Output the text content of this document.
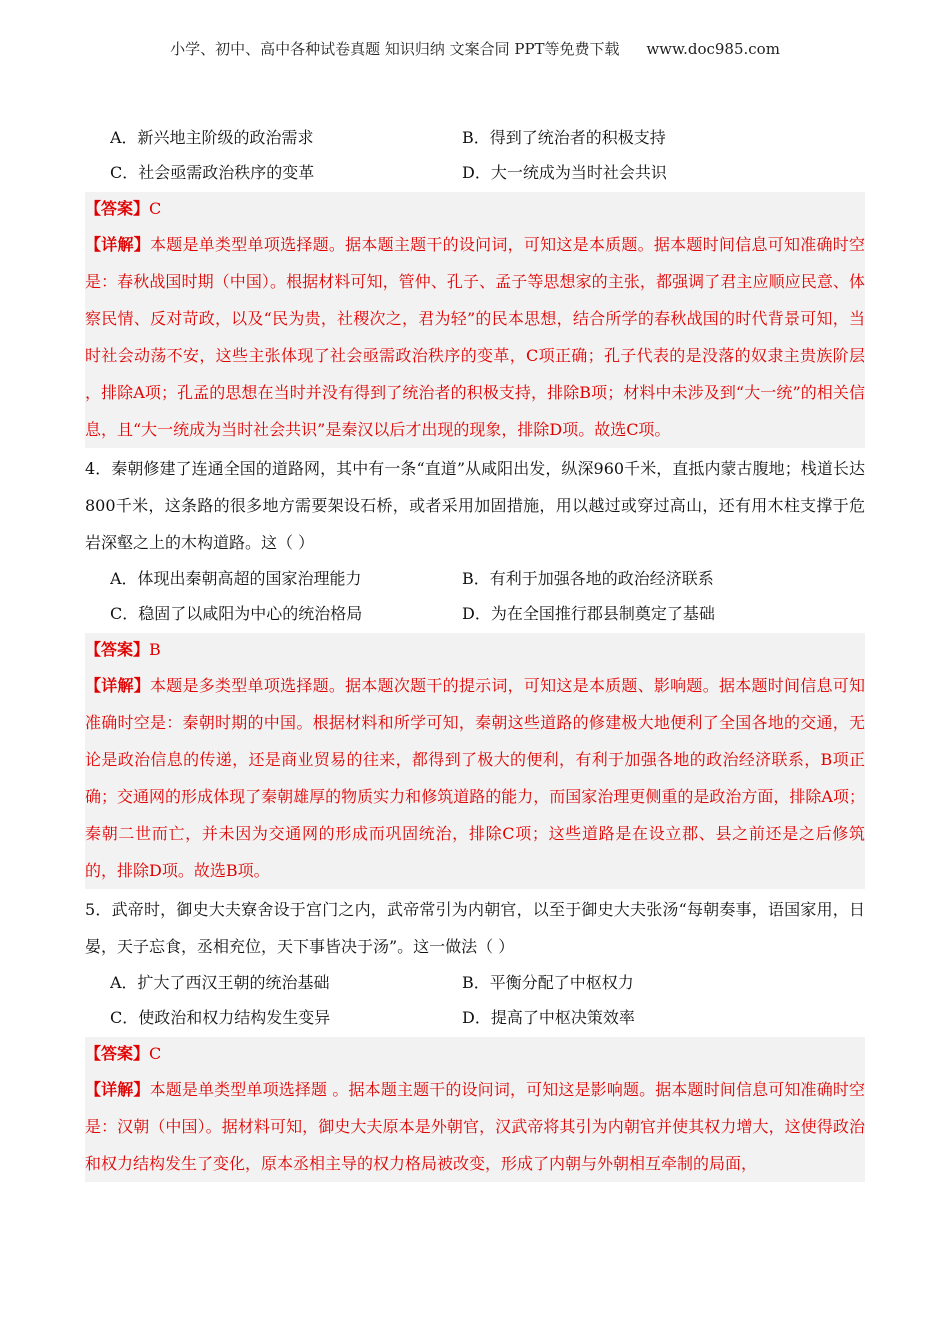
小学、初中、高中各种试卷真题 知识归纳 文案合同 PPT等免费下载 www.doc985.com
A．新兴地主阶级的政治需求	B．得到了统治者的积极支持
C．社会亟需政治秩序的变革	D．大一统成为当时社会共识
【答案】C
【详解】本题是单类型单项选择题。据本题主题干的设问词，可知这是本质题。据本题时间信息可知准确时空是：春秋战国时期（中国）。根据材料可知，管仲、孔子、孟子等思想家的主张，都强调了君主应顺应民意、体察民情、反对苛政，以及“民为贵，社稷次之，君为轻”的民本思想，结合所学的春秋战国的时代背景可知，当时社会动荡不安，这些主张体现了社会亟需政治秩序的变革，C项正确；孔子代表的是没落的奴隶主贵族阶层 ，排除A项；孔孟的思想在当时并没有得到了统治者的积极支持，排除B项；材料中未涉及到“大一统”的相关信息，且“大一统成为当时社会共识”是秦汉以后才出现的现象，排除D项。故选C项。
4．秦朝修建了连通全国的道路网，其中有一条“直道”从咸阳出发，纵深960千米，直抵内蒙古腹地；栈道长达800千米，这条路的很多地方需要架设石桥，或者采用加固措施，用以越过或穿过高山，还有用木柱支撑于危岩深壑之上的木构道路。这（ ）
A．体现出秦朝高超的国家治理能力	B．有利于加强各地的政治经济联系
C．稳固了以咸阳为中心的统治格局	D．为在全国推行郡县制奠定了基础
【答案】B
【详解】本题是多类型单项选择题。据本题次题干的提示词，可知这是本质题、影响题。据本题时间信息可知准确时空是：秦朝时期的中国。根据材料和所学可知，秦朝这些道路的修建极大地便利了全国各地的交通，无论是政治信息的传递，还是商业贸易的往来，都得到了极大的便利，有利于加强各地的政治经济联系，B项正确；交通网的形成体现了秦朝雄厚的物质实力和修筑道路的能力，而国家治理更侧重的是政治方面，排除A项；秦朝二世而亡，并未因为交通网的形成而巩固统治，排除C项；这些道路是在设立郡、县之前还是之后修筑的，排除D项。故选B项。
5．武帝时，御史大夫寮舍设于宫门之内，武帝常引为内朝官，以至于御史大夫张汤“每朝奏事，语国家用，日晏，天子忘食，丞相充位，天下事皆决于汤”。这一做法（ ）
A．扩大了西汉王朝的统治基础	B．平衡分配了中枢权力
C．使政治和权力结构发生变异	D．提高了中枢决策效率
【答案】C
【详解】本题是单类型单项选择题 。据本题主题干的设问词，可知这是影响题。据本题时间信息可知准确时空是：汉朝（中国）。据材料可知，御史大夫原本是外朝官，汉武帝将其引为内朝官并使其权力增大，这使得政治和权力结构发生了变化，原本丞相主导的权力格局被改变，形成了内朝与外朝相互牵制的局面，
